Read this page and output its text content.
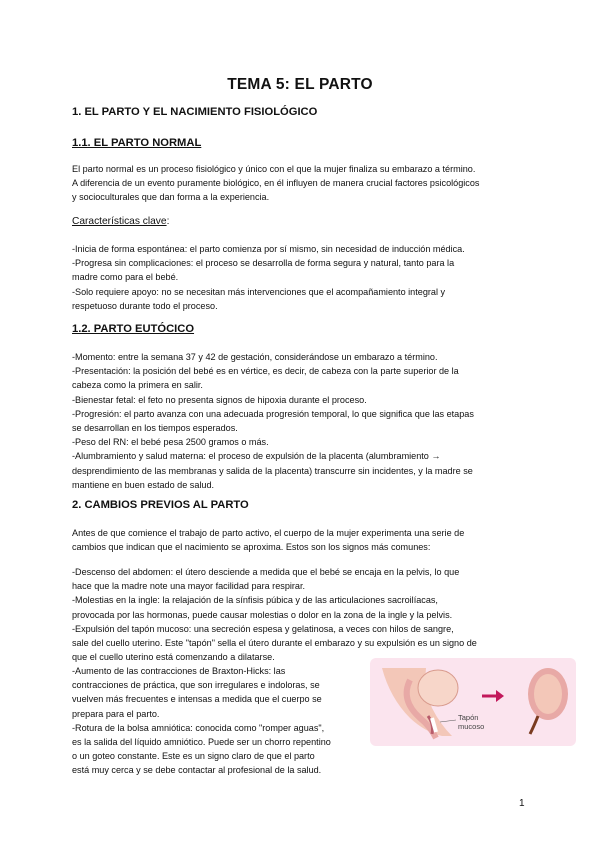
TEMA 5: EL PARTO
1. EL PARTO Y EL NACIMIENTO FISIOLÓGICO
1.1. EL PARTO NORMAL
El parto normal es un proceso fisiológico y único con el que la mujer finaliza su embarazo a término.
A diferencia de un evento puramente biológico, en él influyen de manera crucial factores psicológicos
y socioculturales que dan forma a la experiencia.
Características clave:
-Inicia de forma espontánea: el parto comienza por sí mismo, sin necesidad de inducción médica.
-Progresa sin complicaciones: el proceso se desarrolla de forma segura y natural, tanto para la
madre como para el bebé.
-Solo requiere apoyo: no se necesitan más intervenciones que el acompañamiento integral y
respetuoso durante todo el proceso.
1.2. PARTO EUTÓCICO
-Momento: entre la semana 37 y 42 de gestación, considerándose un embarazo a término.
-Presentación: la posición del bebé es en vértice, es decir, de cabeza con la parte superior de la
cabeza como la primera en salir.
-Bienestar fetal: el feto no presenta signos de hipoxia durante el proceso.
-Progresión: el parto avanza con una adecuada progresión temporal, lo que significa que las etapas
se desarrollan en los tiempos esperados.
-Peso del RN: el bebé pesa 2500 gramos o más.
-Alumbramiento y salud materna: el proceso de expulsión de la placenta (alumbramiento →
desprendimiento de las membranas y salida de la placenta) transcurre sin incidentes, y la madre se
mantiene en buen estado de salud.
2. CAMBIOS PREVIOS AL PARTO
Antes de que comience el trabajo de parto activo, el cuerpo de la mujer experimenta una serie de
cambios que indican que el nacimiento se aproxima. Estos son los signos más comunes:
-Descenso del abdomen: el útero desciende a medida que el bebé se encaja en la pelvis, lo que
hace que la madre note una mayor facilidad para respirar.
-Molestias en la ingle: la relajación de la sínfisis púbica y de las articulaciones sacroilíacas,
provocada por las hormonas, puede causar molestias o dolor en la zona de la ingle y la pelvis.
-Expulsión del tapón mucoso: una secreción espesa y gelatinosa, a veces con hilos de sangre,
sale del cuello uterino. Este "tapón" sella el útero durante el embarazo y su expulsión es un signo de
que el cuello uterino está comenzando a dilatarse.
-Aumento de las contracciones de Braxton-Hicks: las
contracciones de práctica, que son irregulares e indoloras, se
vuelven más frecuentes e intensas a medida que el cuerpo se
prepara para el parto.
-Rotura de la bolsa amniótica: conocida como "romper aguas",
es la salida del líquido amniótico. Puede ser un chorro repentino
o un goteo constante. Este es un signo claro de que el parto
está muy cerca y se debe contactar al profesional de la salud.
Tapón
mucoso
1
